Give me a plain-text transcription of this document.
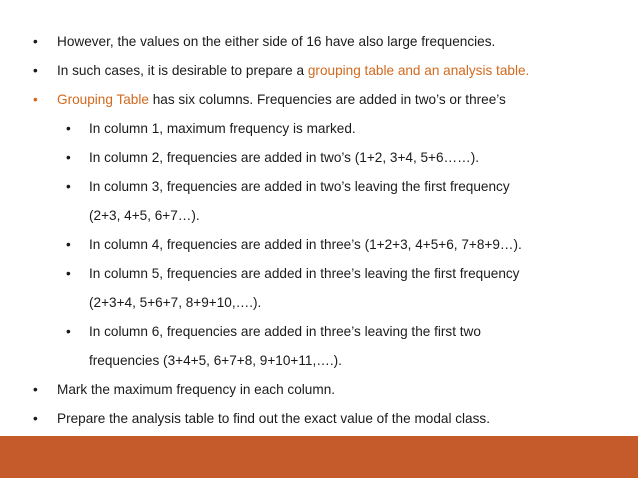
• However, the values on the either side of 16 have also large frequencies.
• In such cases, it is desirable to prepare a grouping table and an analysis table.
• Grouping Table has six columns. Frequencies are added in two’s or three’s
• In column 1, maximum frequency is marked.
• In column 2, frequencies are added in two’s (1+2, 3+4, 5+6……).
• In column 3, frequencies are added in two’s leaving the first frequency
(2+3, 4+5, 6+7…).
• In column 4, frequencies are added in three’s (1+2+3, 4+5+6, 7+8+9…).
• In column 5, frequencies are added in three’s leaving the first frequency
(2+3+4, 5+6+7, 8+9+10,….).
• In column 6, frequencies are added in three’s leaving the first two
frequencies (3+4+5, 6+7+8, 9+10+11,….).
• Mark the maximum frequency in each column.
• Prepare the analysis table to find out the exact value of the modal class.
